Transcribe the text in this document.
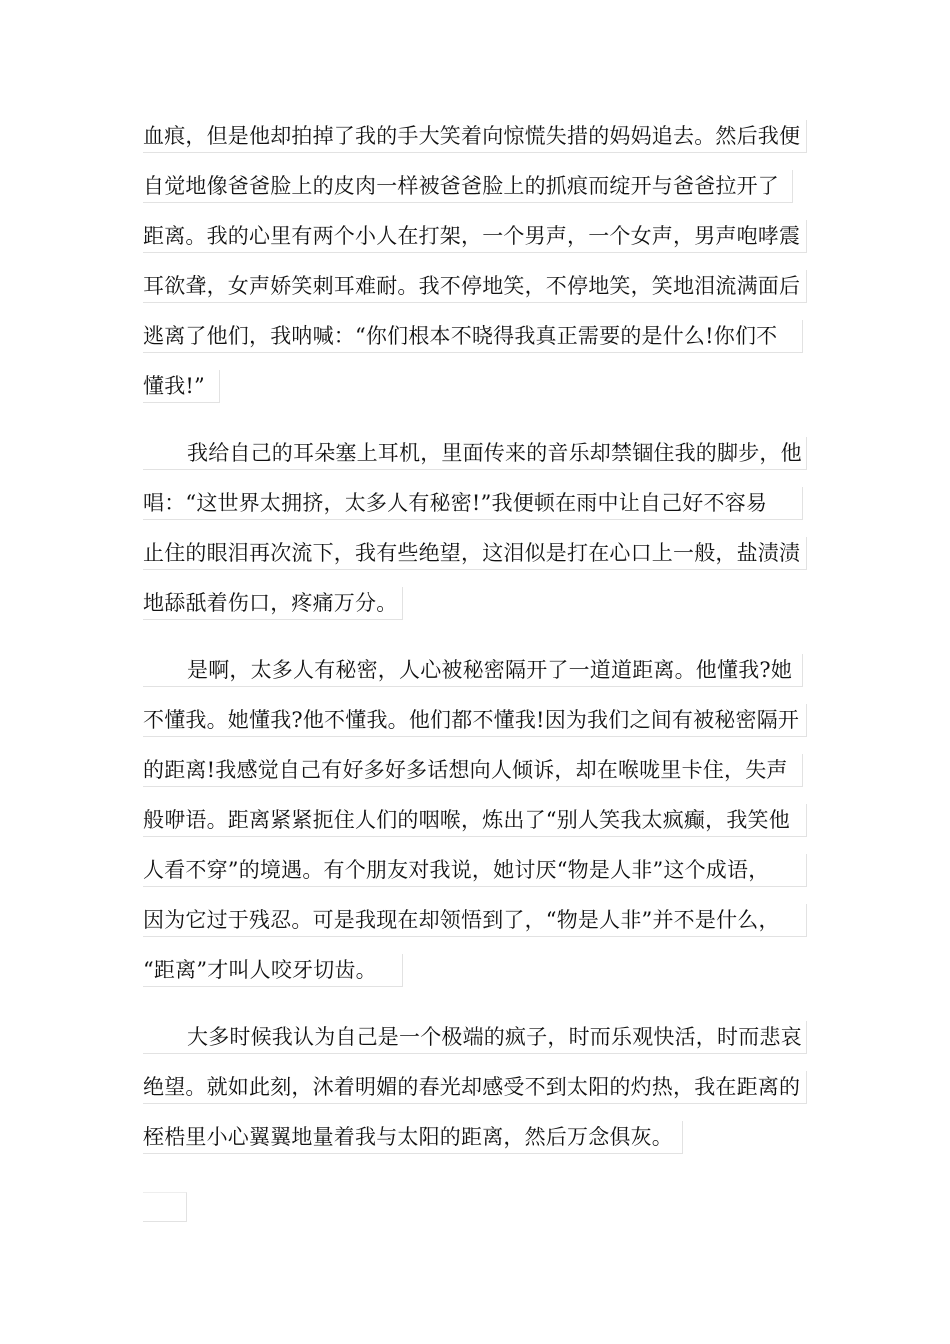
血痕，但是他却拍掉了我的手大笑着向惊慌失措的妈妈追去。然后我便
自觉地像爸爸脸上的皮肉一样被爸爸脸上的抓痕而绽开与爸爸拉开了
距离。我的心里有两个小人在打架，一个男声，一个女声，男声咆哮震
耳欲聋，女声娇笑刺耳难耐。我不停地笑，不停地笑，笑地泪流满面后
逃离了他们，我呐喊：“你们根本不晓得我真正需要的是什么!你们不
懂我!”
我给自己的耳朵塞上耳机，里面传来的音乐却禁锢住我的脚步，他
唱：“这世界太拥挤，太多人有秘密!”我便顿在雨中让自己好不容易
止住的眼泪再次流下，我有些绝望，这泪似是打在心口上一般，盐渍渍
地舔舐着伤口，疼痛万分。
是啊，太多人有秘密，人心被秘密隔开了一道道距离。他懂我?她
不懂我。她懂我?他不懂我。他们都不懂我!因为我们之间有被秘密隔开
的距离!我感觉自己有好多好多话想向人倾诉，却在喉咙里卡住，失声
般咿语。距离紧紧扼住人们的咽喉，炼出了“别人笑我太疯癫，我笑他
人看不穿”的境遇。有个朋友对我说，她讨厌“物是人非”这个成语，
因为它过于残忍。可是我现在却领悟到了，“物是人非”并不是什么，
“距离”才叫人咬牙切齿。
大多时候我认为自己是一个极端的疯子，时而乐观快活，时而悲哀
绝望。就如此刻，沐着明媚的春光却感受不到太阳的灼热，我在距离的
桎梏里小心翼翼地量着我与太阳的距离，然后万念俱灰。
